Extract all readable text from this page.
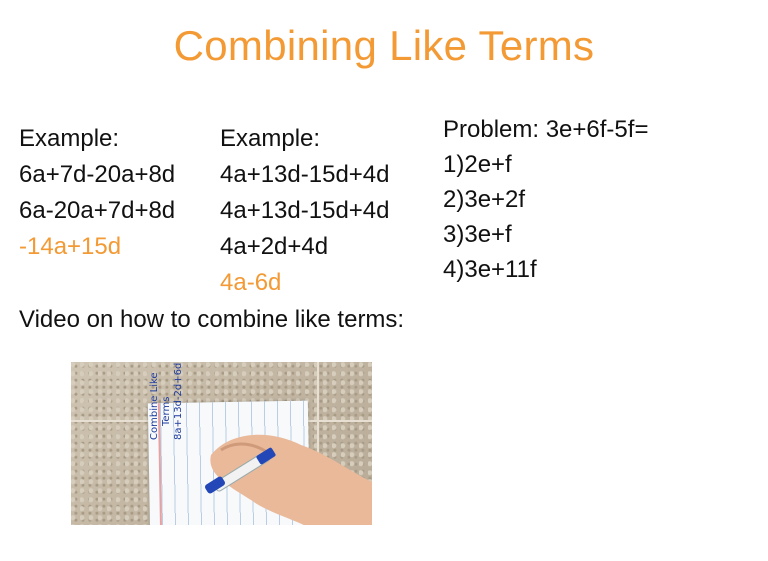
Combining Like Terms
Example:
6a+7d-20a+8d
6a-20a+7d+8d
-14a+15d
Example:
4a+13d-15d+4d
4a+13d-15d+4d
4a+2d+4d
4a-6d
Problem: 3e+6f-5f=
1)2e+f
2)3e+2f
3)3e+f
4)3e+11f
Video on how to combine like terms:
Combine Like Terms 8a+13d-2d+6d
